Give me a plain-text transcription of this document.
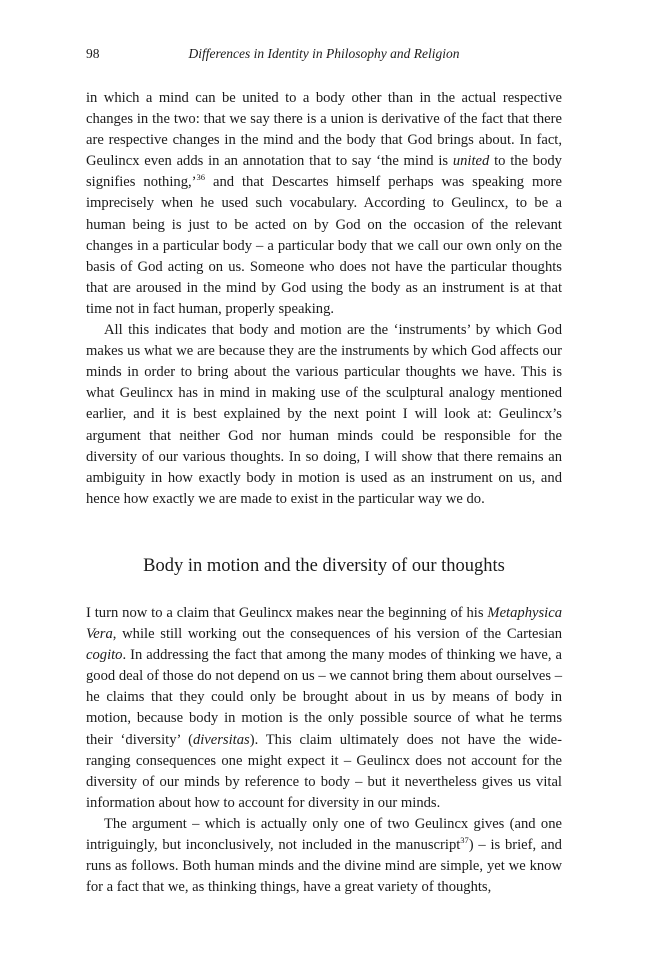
98	Differences in Identity in Philosophy and Religion

in which a mind can be united to a body other than in the actual respective changes in the two: that we say there is a union is derivative of the fact that there are respective changes in the mind and the body that God brings about. In fact, Geulincx even adds in an annotation that to say ‘the mind is united to the body signifies nothing,’$^{36}$ and that Descartes himself perhaps was speaking more imprecisely when he used such vocabulary. According to Geulincx, to be a human being is just to be acted on by God on the occasion of the relevant changes in a particular body – a particular body that we call our own only on the basis of God acting on us. Someone who does not have the particular thoughts that are aroused in the mind by God using the body as an instrument is at that time not in fact human, properly speaking.

All this indicates that body and motion are the ‘instruments’ by which God makes us what we are because they are the instruments by which God affects our minds in order to bring about the various particular thoughts we have. This is what Geulincx has in mind in making use of the sculptural analogy mentioned earlier, and it is best explained by the next point I will look at: Geulincx’s argument that neither God nor human minds could be responsible for the diversity of our various thoughts. In so doing, I will show that there remains an ambiguity in how exactly body in motion is used as an instrument on us, and hence how exactly we are made to exist in the particular way we do.

Body in motion and the diversity of our thoughts

I turn now to a claim that Geulincx makes near the beginning of his Metaphysica Vera, while still working out the consequences of his version of the Cartesian cogito. In addressing the fact that among the many modes of thinking we have, a good deal of those do not depend on us – we cannot bring them about ourselves – he claims that they could only be brought about in us by means of body in motion, because body in motion is the only possible source of what he terms their ‘diversity’ (diversitas). This claim ultimately does not have the wide-ranging consequences one might expect it – Geulincx does not account for the diversity of our minds by reference to body – but it nevertheless gives us vital information about how to account for diversity in our minds.

The argument – which is actually only one of two Geulincx gives (and one intriguingly, but inconclusively, not included in the manuscript$^{37}$) – is brief, and runs as follows. Both human minds and the divine mind are simple, yet we know for a fact that we, as thinking things, have a great variety of thoughts,
